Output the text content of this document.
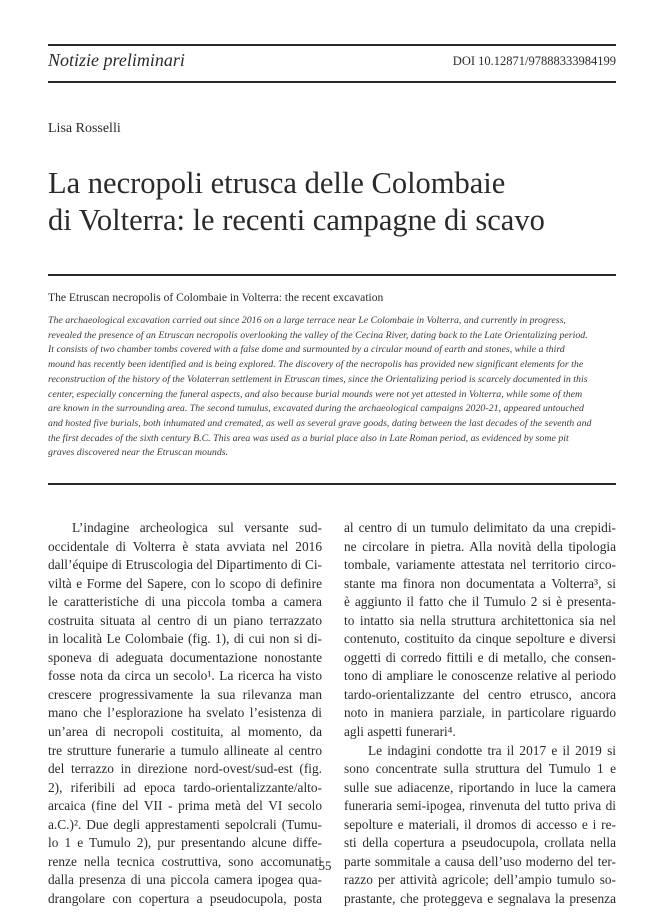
Notizie preliminari	DOI 10.12871/97888333984199
Lisa Rosselli
La necropoli etrusca delle Colombaie
di Volterra: le recenti campagne di scavo
The Etruscan necropolis of Colombaie in Volterra: the recent excavation
The archaeological excavation carried out since 2016 on a large terrace near Le Colombaie in Volterra, and currently in progress,
revealed the presence of an Etruscan necropolis overlooking the valley of the Cecina River, dating back to the Late Orientalizing period.
It consists of two chamber tombs covered with a false dome and surmounted by a circular mound of earth and stones, while a third
mound has recently been identified and is being explored. The discovery of the necropolis has provided new significant elements for the
reconstruction of the history of the Volaterran settlement in Etruscan times, since the Orientalizing period is scarcely documented in this
center, especially concerning the funeral aspects, and also because burial mounds were not yet attested in Volterra, while some of them
are known in the surrounding area. The second tumulus, excavated during the archaeological campaigns 2020-21, appeared untouched
and hosted five burials, both inhumated and cremated, as well as several grave goods, dating between the last decades of the seventh and
the first decades of the sixth century B.C. This area was used as a burial place also in Late Roman period, as evidenced by some pit
graves discovered near the Etruscan mounds.
L’indagine archeologica sul versante sud-
occidentale di Volterra è stata avviata nel 2016
dall’équipe di Etruscologia del Dipartimento di Ci-
viltà e Forme del Sapere, con lo scopo di definire
le caratteristiche di una piccola tomba a camera
costruita situata al centro di un piano terrazzato
in località Le Colombaie (fig. 1), di cui non si di-
sponeva di adeguata documentazione nonostante
fosse nota da circa un secolo¹. La ricerca ha visto
crescere progressivamente la sua rilevanza man
mano che l’esplorazione ha svelato l’esistenza di
un’area di necropoli costituita, al momento, da
tre strutture funerarie a tumulo allineate al centro
del terrazzo in direzione nord-ovest/sud-est (fig.
2), riferibili ad epoca tardo-orientalizzante/alto-
arcaica (fine del VII - prima metà del VI secolo
a.C.)². Due degli apprestamenti sepolcrali (Tumu-
lo 1 e Tumulo 2), pur presentando alcune diffe-
renze nella tecnica costruttiva, sono accomunati
dalla presenza di una piccola camera ipogea qua-
drangolare con copertura a pseudocupola, posta
al centro di un tumulo delimitato da una crepidi-
ne circolare in pietra. Alla novità della tipologia
tombale, variamente attestata nel territorio circo-
stante ma finora non documentata a Volterra³, si
è aggiunto il fatto che il Tumulo 2 si è presenta-
to intatto sia nella struttura architettonica sia nel
contenuto, costituito da cinque sepolture e diversi
oggetti di corredo fittili e di metallo, che consen-
tono di ampliare le conoscenze relative al periodo
tardo-orientalizzante del centro etrusco, ancora
noto in maniera parziale, in particolare riguardo
agli aspetti funerari⁴.
Le indagini condotte tra il 2017 e il 2019 si
sono concentrate sulla struttura del Tumulo 1 e
sulle sue adiacenze, riportando in luce la camera
funeraria semi-ipogea, rinvenuta del tutto priva di
sepolture e materiali, il dromos di accesso e i re-
sti della copertura a pseudocupola, crollata nella
parte sommitale a causa dell’uso moderno del ter-
razzo per attività agricole; dell’ampio tumulo so-
prastante, che proteggeva e segnalava la presenza
55
